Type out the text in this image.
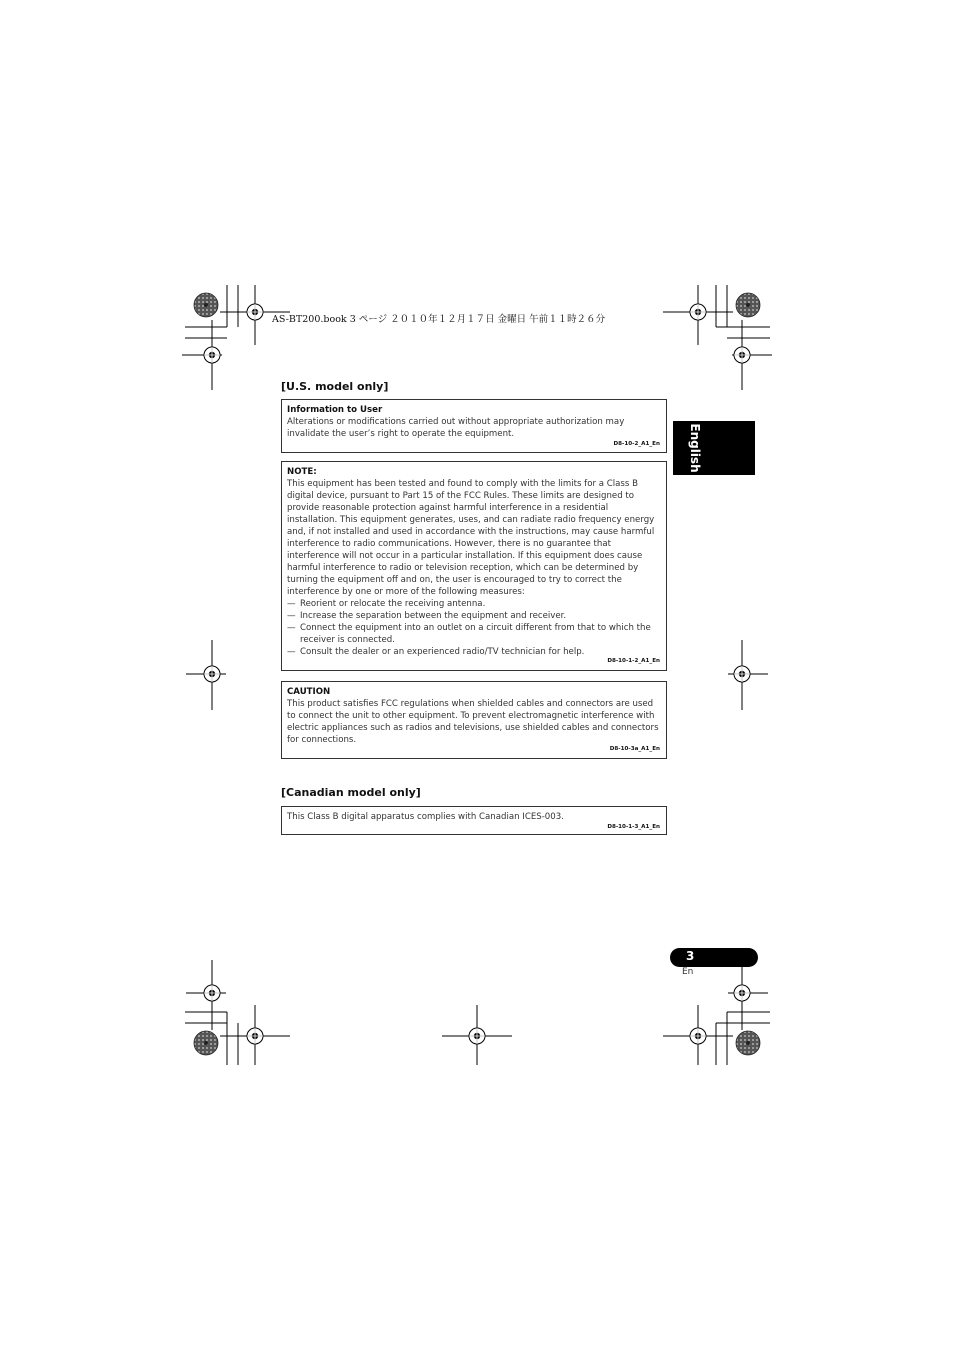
AS-BT200.book 3 ページ ２０１０年１２月１７日 金曜日 午前１１時２６分
English
[U.S. model only]
Information to User
Alterations or modifications carried out without appropriate authorization may invalidate the user’s right to operate the equipment.
D8-10-2_A1_En
NOTE:

This equipment has been tested and found to comply with the limits for a Class B digital device, pursuant to Part 15 of the FCC Rules. These limits are designed to provide reasonable protection against harmful interference in a residential installation. This equipment generates, uses, and can radiate radio frequency energy and, if not installed and used in accordance with the instructions, may cause harmful interference to radio communications. However, there is no guarantee that interference will not occur in a particular installation. If this equipment does cause harmful interference to radio or television reception, which can be determined by turning the equipment off and on, the user is encouraged to try to correct the interference by one or more of the following measures:

— Reorient or relocate the receiving antenna.
— Increase the separation between the equipment and receiver.
— Connect the equipment into an outlet on a circuit different from that to which the receiver is connected.
— Consult the dealer or an experienced radio/TV technician for help.
D8-10-1-2_A1_En
CAUTION
This product satisfies FCC regulations when shielded cables and connectors are used to connect the unit to other equipment. To prevent electromagnetic interference with electric appliances such as radios and televisions, use shielded cables and connectors for connections.
D8-10-3a_A1_En
[Canadian model only]
This Class B digital apparatus complies with Canadian ICES-003.
D8-10-1-3_A1_En
3
En
